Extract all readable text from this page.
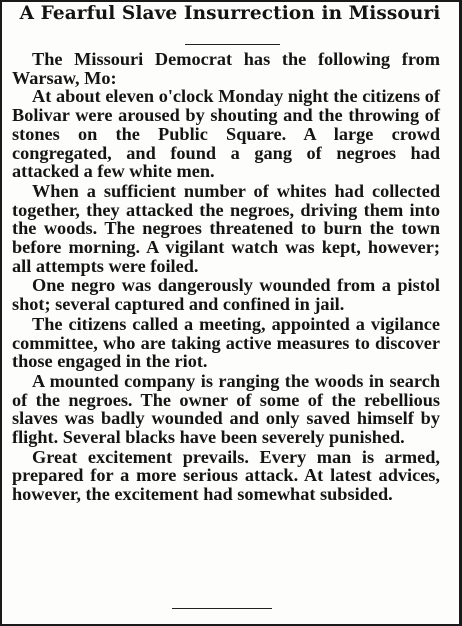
A Fearful Slave Insurrection in Missouri

The Missouri Democrat has the following from Warsaw, Mo:

At about eleven o'clock Monday night the citizens of Bolivar were aroused by shouting and the throwing of stones on the Public Square. A large crowd congregated, and found a gang of negroes had attacked a few white men.

When a sufficient number of whites had collected together, they attacked the negroes, driving them into the woods. The negroes threatened to burn the town before morning. A vigilant watch was kept, however; all attempts were foiled.

One negro was dangerously wounded from a pistol shot; several captured and confined in jail.

The citizens called a meeting, appointed a vigilance committee, who are taking active measures to discover those engaged in the riot.

A mounted company is ranging the woods in search of the negroes. The owner of some of the rebellious slaves was badly wounded and only saved himself by flight. Several blacks have been severely punished.

Great excitement prevails. Every man is armed, prepared for a more serious attack. At latest advices, however, the excitement had somewhat subsided.
